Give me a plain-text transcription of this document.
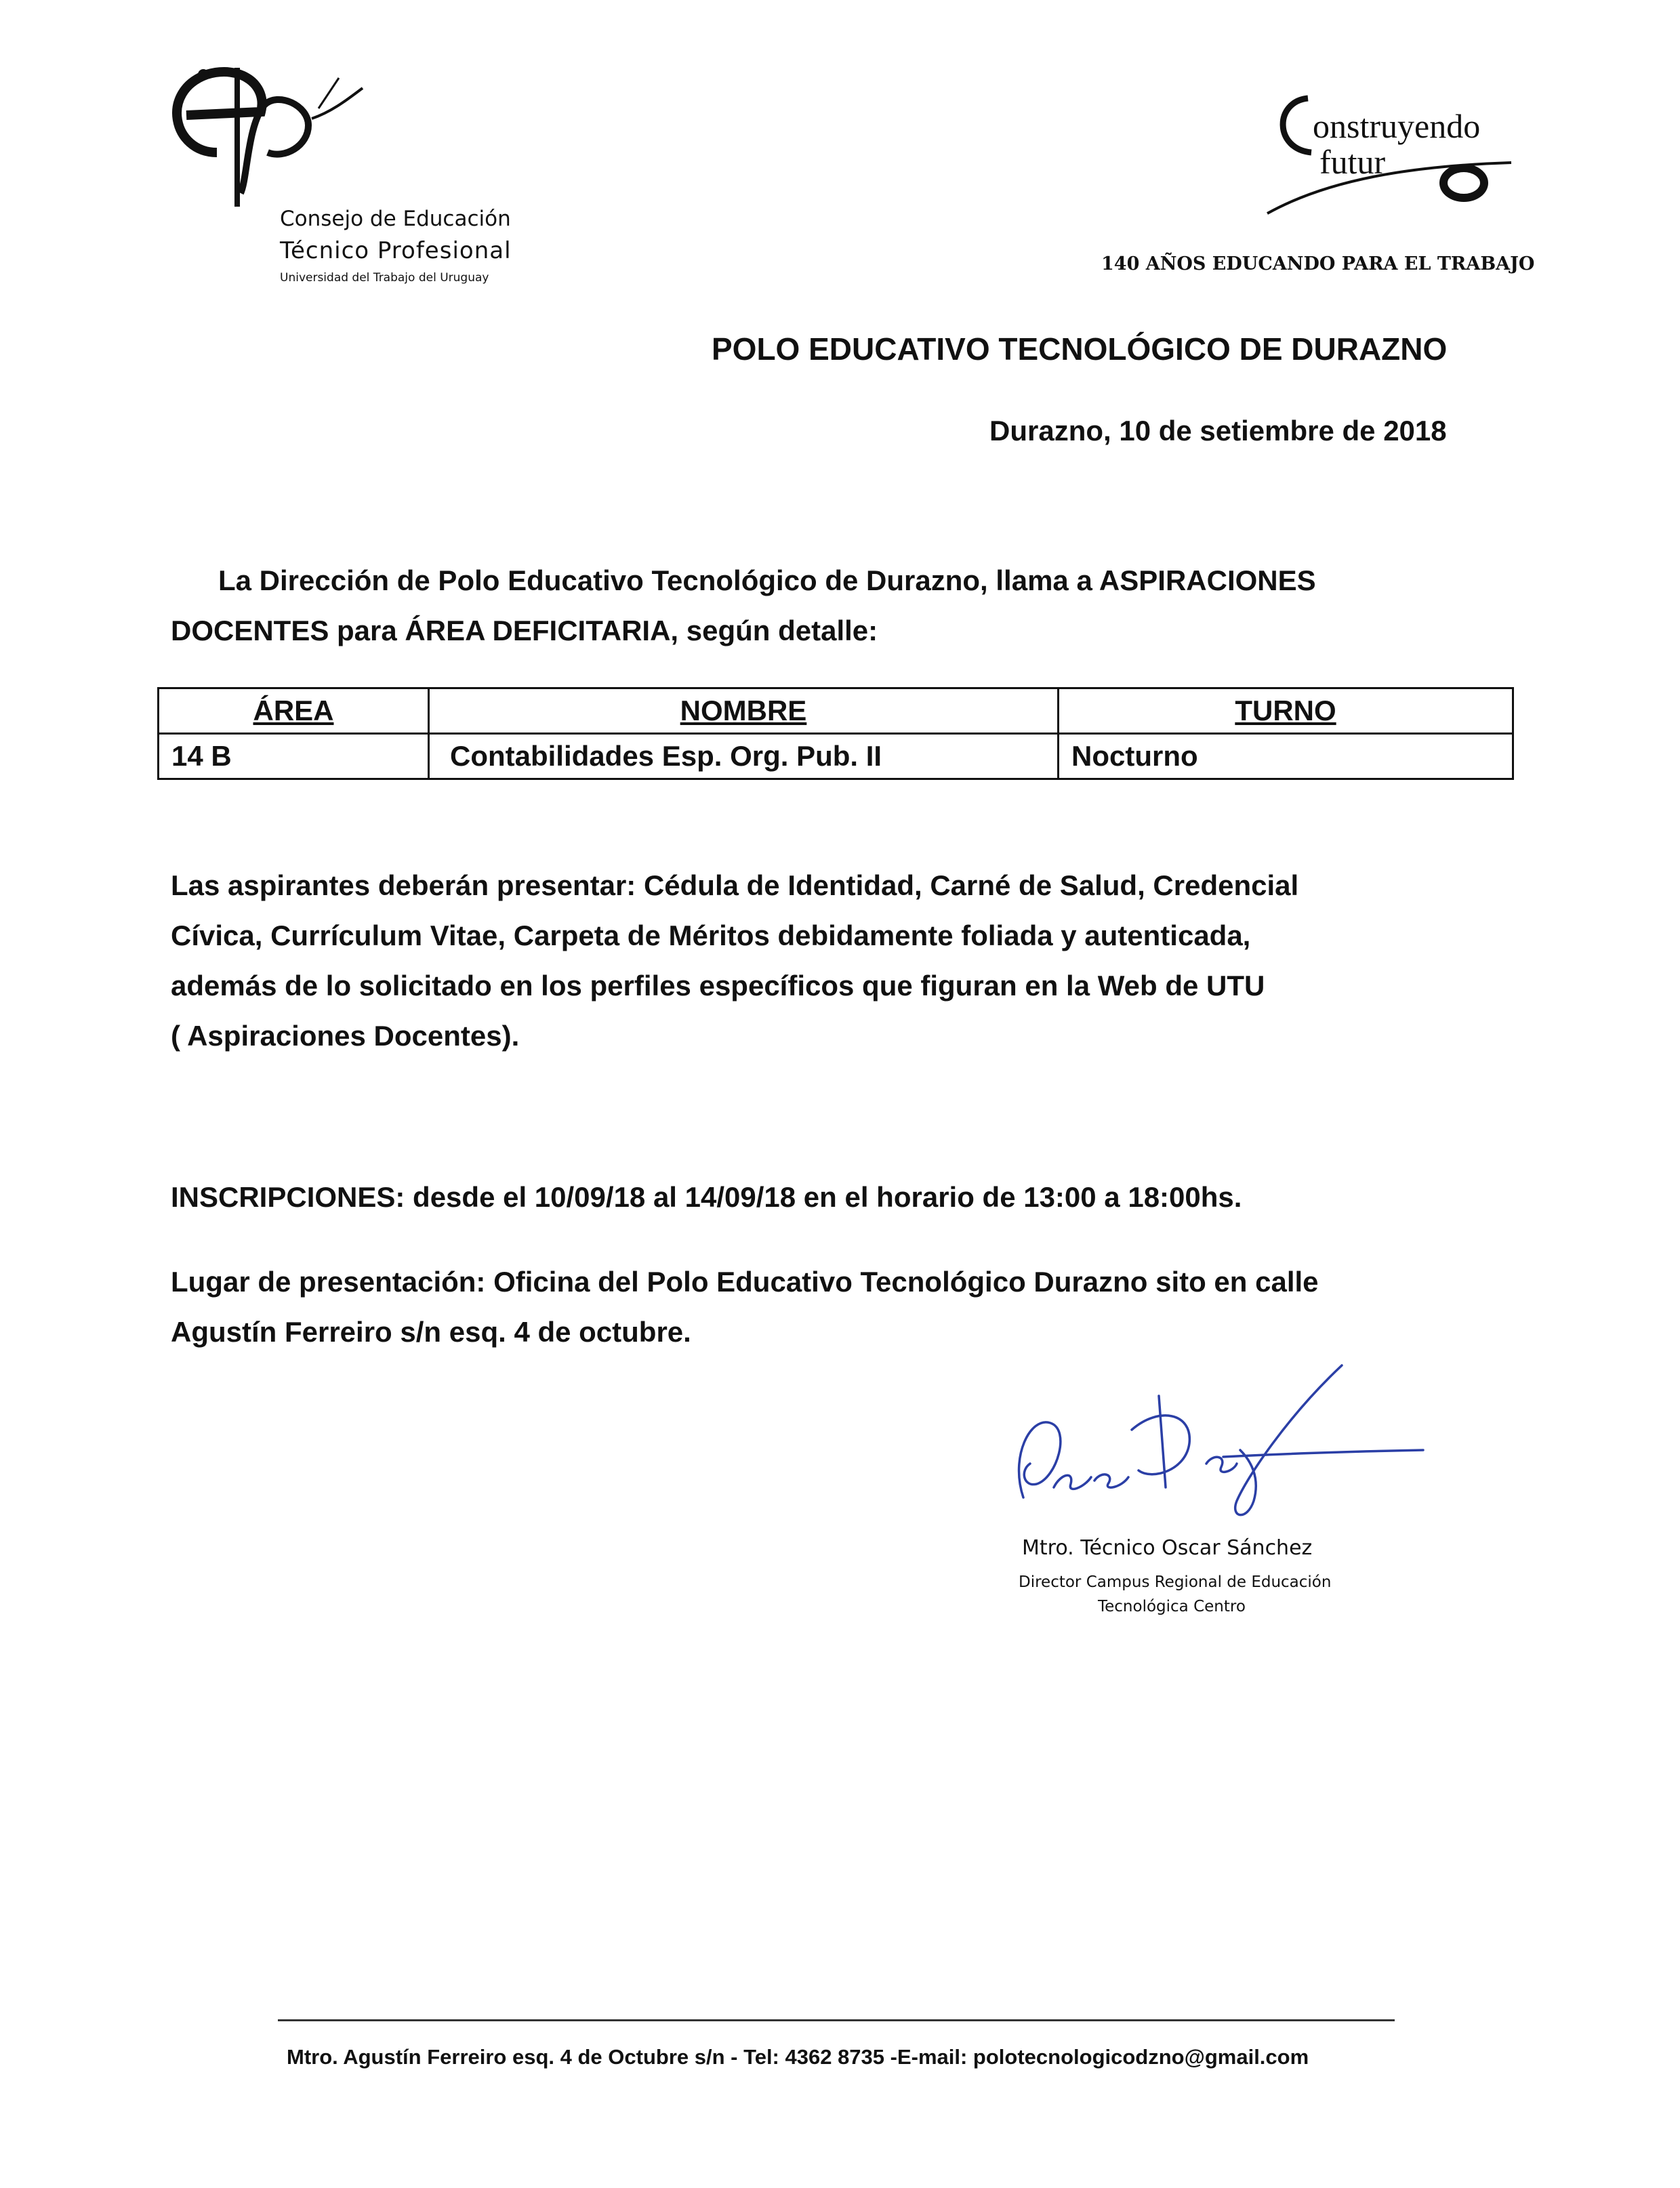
Consejo de Educación
Técnico Profesional
Universidad del Trabajo del Uruguay
onstruyendo
futur
140 AÑOS EDUCANDO PARA EL TRABAJO
POLO EDUCATIVO TECNOLÓGICO DE DURAZNO
Durazno, 10 de setiembre de 2018
La Dirección de Polo Educativo Tecnológico de Durazno, llama a ASPIRACIONES
DOCENTES para ÁREA DEFICITARIA, según detalle:
ÁREA	NOMBRE	TURNO
14 B	Contabilidades Esp. Org. Pub. II	Nocturno
Las aspirantes deberán presentar: Cédula de Identidad, Carné de Salud, Credencial
Cívica, Currículum Vitae, Carpeta de Méritos debidamente foliada y autenticada,
además de lo solicitado en los perfiles específicos que figuran en la Web de UTU
( Aspiraciones Docentes).
INSCRIPCIONES: desde el 10/09/18 al 14/09/18 en el horario de 13:00 a 18:00hs.
Lugar de presentación: Oficina del Polo Educativo Tecnológico Durazno sito en calle
Agustín Ferreiro s/n esq. 4 de octubre.
Mtro. Técnico Oscar Sánchez
Director Campus Regional de Educación
Tecnológica Centro
Mtro. Agustín Ferreiro esq. 4 de Octubre s/n - Tel: 4362 8735 -E-mail: polotecnologicodzno@gmail.com
